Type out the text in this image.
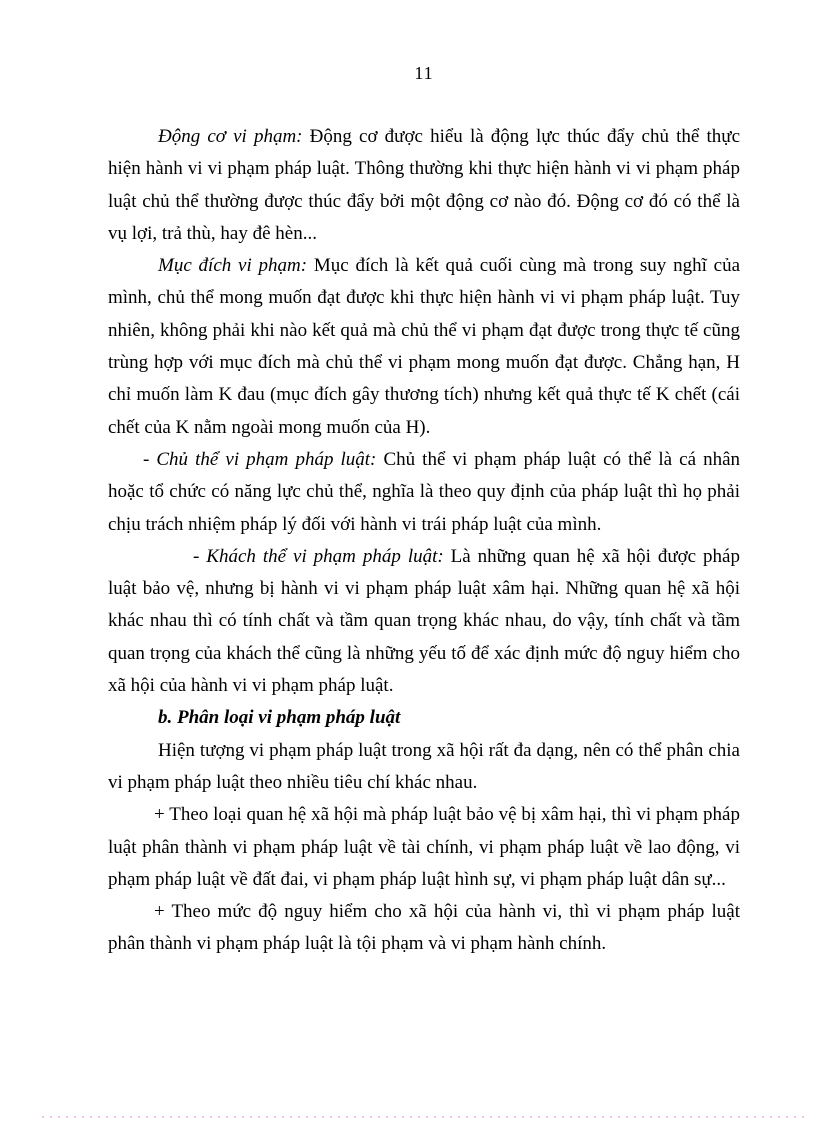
11

Động cơ vi phạm: Động cơ được hiểu là động lực thúc đẩy chủ thể thực hiện hành vi vi phạm pháp luật. Thông thường khi thực hiện hành vi vi phạm pháp luật chủ thể thường được thúc đẩy bởi một động cơ nào đó. Động cơ đó có thể là vụ lợi, trả thù, hay đê hèn...

Mục đích vi phạm: Mục đích là kết quả cuối cùng mà trong suy nghĩ của mình, chủ thể mong muốn đạt được khi thực hiện hành vi vi phạm pháp luật. Tuy nhiên, không phải khi nào kết quả mà chủ thể vi phạm đạt được trong thực tế cũng trùng hợp với mục đích mà chủ thể vi phạm mong muốn đạt được. Chẳng hạn, H chỉ muốn làm K đau (mục đích gây thương tích) nhưng kết quả thực tế K chết (cái chết của K nằm ngoài mong muốn của H).

- Chủ thể vi phạm pháp luật: Chủ thể vi phạm pháp luật có thể là cá nhân hoặc tổ chức có năng lực chủ thể, nghĩa là theo quy định của pháp luật thì họ phải chịu trách nhiệm pháp lý đối với hành vi trái pháp luật của mình.

- Khách thể vi phạm pháp luật: Là những quan hệ xã hội được pháp luật bảo vệ, nhưng bị hành vi vi phạm pháp luật xâm hại. Những quan hệ xã hội khác nhau thì có tính chất và tầm quan trọng khác nhau, do vậy, tính chất và tầm quan trọng của khách thể cũng là những yếu tố để xác định mức độ nguy hiểm cho xã hội của hành vi vi phạm pháp luật.

b. Phân loại vi phạm pháp luật

Hiện tượng vi phạm pháp luật trong xã hội rất đa dạng, nên có thể phân chia vi phạm pháp luật theo nhiều tiêu chí khác nhau.

+ Theo loại quan hệ xã hội mà pháp luật bảo vệ bị xâm hại, thì vi phạm pháp luật phân thành vi phạm pháp luật về tài chính, vi phạm pháp luật về lao động, vi phạm pháp luật về đất đai, vi phạm pháp luật hình sự, vi phạm pháp luật dân sự...

+ Theo mức độ nguy hiểm cho xã hội của hành vi, thì vi phạm pháp luật phân thành vi phạm pháp luật là tội phạm và vi phạm hành chính.
